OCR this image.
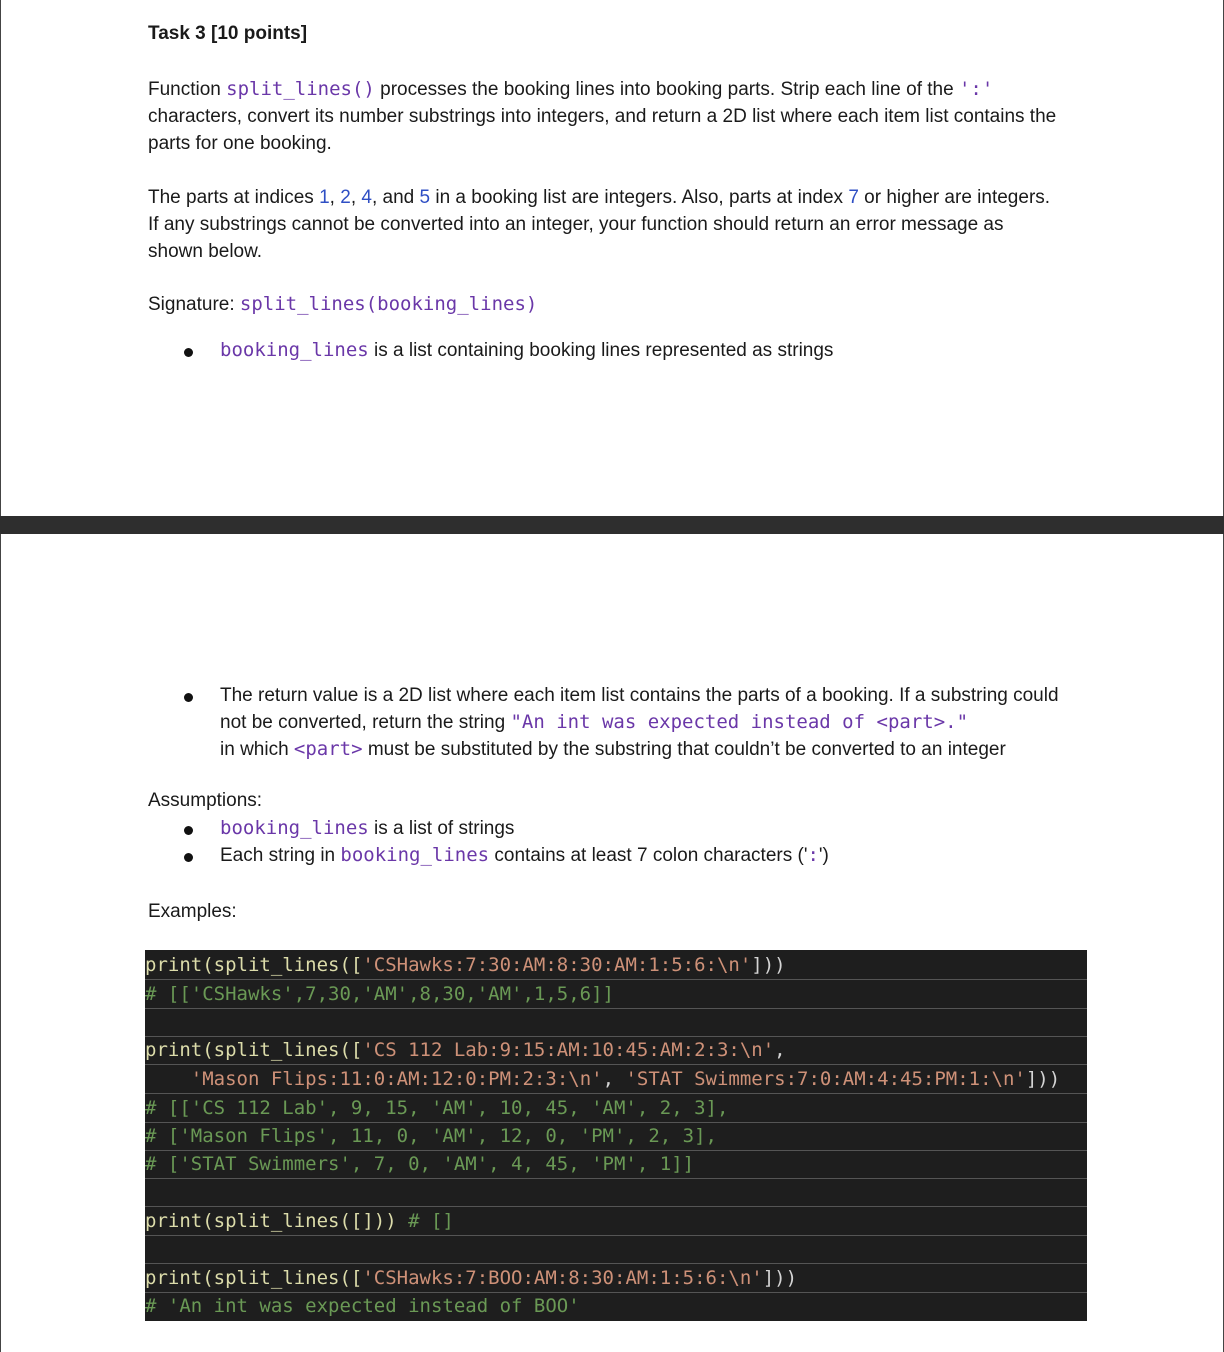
Task 3 [10 points]

Function split_lines() processes the booking lines into booking parts. Strip each line of the ':' characters, convert its number substrings into integers, and return a 2D list where each item list contains the parts for one booking.

The parts at indices 1, 2, 4, and 5 in a booking list are integers. Also, parts at index 7 or higher are integers. If any substrings cannot be converted into an integer, your function should return an error message as shown below.

Signature: split_lines(booking_lines)

booking_lines is a list containing booking lines represented as strings
The return value is a 2D list where each item list contains the parts of a booking. If a substring could not be converted, return the string "An int was expected instead of <part>."
in which <part> must be substituted by the substring that couldn’t be converted to an integer

Assumptions:

booking_lines is a list of strings
Each string in booking_lines contains at least 7 colon characters (':')

Examples:

print(split_lines(['CSHawks:7:30:AM:8:30:AM:1:5:6:\n']))
# [['CSHawks',7,30,'AM',8,30,'AM',1,5,6]]
print(split_lines(['CS 112 Lab:9:15:AM:10:45:AM:2:3:\n',
'Mason Flips:11:0:AM:12:0:PM:2:3:\n', 'STAT Swimmers:7:0:AM:4:45:PM:1:\n']))
# [['CS 112 Lab', 9, 15, 'AM', 10, 45, 'AM', 2, 3],
# ['Mason Flips', 11, 0, 'AM', 12, 0, 'PM', 2, 3],
# ['STAT Swimmers', 7, 0, 'AM', 4, 45, 'PM', 1]]
print(split_lines([])) # []
print(split_lines(['CSHawks:7:BOO:AM:8:30:AM:1:5:6:\n']))
# 'An int was expected instead of BOO'
